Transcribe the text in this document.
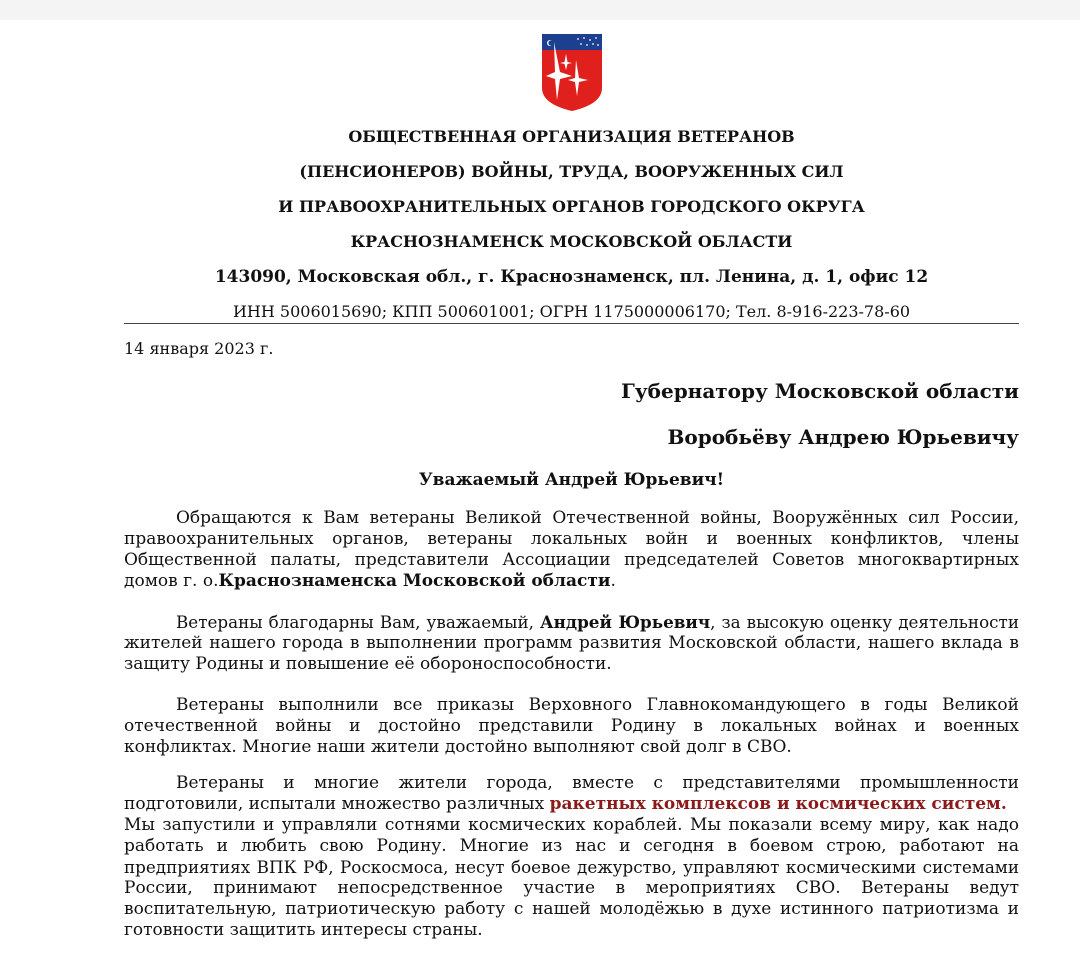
ОБЩЕСТВЕННАЯ ОРГАНИЗАЦИЯ ВЕТЕРАНОВ
(ПЕНСИОНЕРОВ) ВОЙНЫ, ТРУДА, ВООРУЖЕННЫХ СИЛ
И ПРАВООХРАНИТЕЛЬНЫХ ОРГАНОВ ГОРОДСКОГО ОКРУГА
КРАСНОЗНАМЕНСК МОСКОВСКОЙ ОБЛАСТИ
143090, Московская обл., г. Краснознаменск, пл. Ленина, д. 1, офис 12
ИНН 5006015690; КПП 500601001; ОГРН 1175000006170; Тел. 8-916-223-78-60
14 января 2023 г.
Губернатору Московской области
Воробьёву Андрею Юрьевичу
Уважаемый Андрей Юрьевич!
Обращаются к Вам ветераны Великой Отечественной войны, Вооружённых сил России,
правоохранительных органов, ветераны локальных войн и военных конфликтов, члены
Общественной палаты, представители Ассоциации председателей Советов многоквартирных
домов г. о.Краснознаменска Московской области.
Ветераны благодарны Вам, уважаемый, Андрей Юрьевич, за высокую оценку деятельности
жителей нашего города в выполнении программ развития Московской области, нашего вклада в
защиту Родины и повышение её обороноспособности.
Ветераны выполнили все приказы Верховного Главнокомандующего в годы Великой
отечественной войны и достойно представили Родину в локальных войнах и военных
конфликтах. Многие наши жители достойно выполняют свой долг в СВО.
Ветераны и многие жители города, вместе с представителями промышленности
подготовили, испытали множество различных ракетных комплексов и космических систем.
Мы запустили и управляли сотнями космических кораблей. Мы показали всему миру, как надо
работать и любить свою Родину. Многие из нас и сегодня в боевом строю, работают на
предприятиях ВПК РФ, Роскосмоса, несут боевое дежурство, управляют космическими системами
России, принимают непосредственное участие в мероприятиях СВО. Ветераны ведут
воспитательную, патриотическую работу с нашей молодёжью в духе истинного патриотизма и
готовности защитить интересы страны.
